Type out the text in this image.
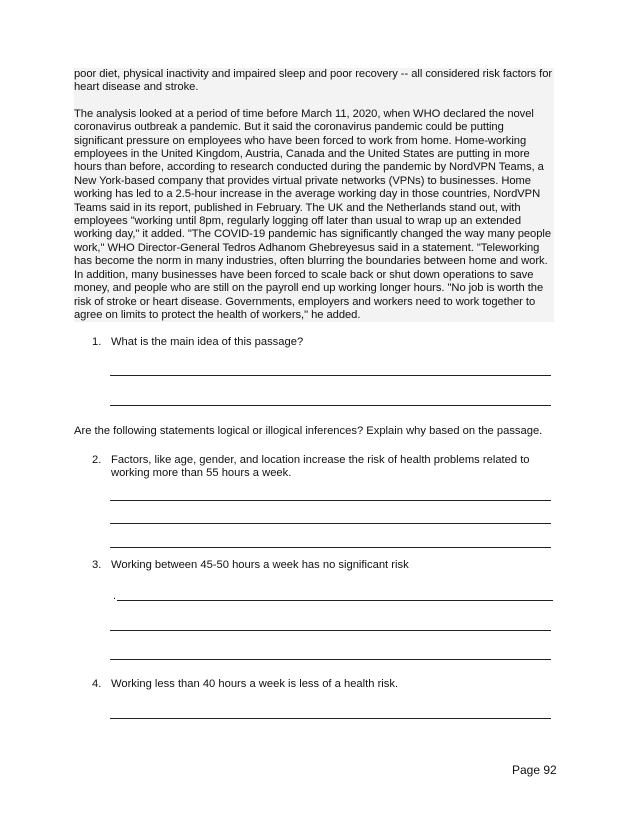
poor diet, physical inactivity and impaired sleep and poor recovery -- all considered risk factors for heart disease and stroke.

The analysis looked at a period of time before March 11, 2020, when WHO declared the novel coronavirus outbreak a pandemic. But it said the coronavirus pandemic could be putting significant pressure on employees who have been forced to work from home. Home-working employees in the United Kingdom, Austria, Canada and the United States are putting in more hours than before, according to research conducted during the pandemic by NordVPN Teams, a New York-based company that provides virtual private networks (VPNs) to businesses. Home working has led to a 2.5-hour increase in the average working day in those countries, NordVPN Teams said in its report, published in February. The UK and the Netherlands stand out, with employees "working until 8pm, regularly logging off later than usual to wrap up an extended working day," it added. "The COVID-19 pandemic has significantly changed the way many people work," WHO Director-General Tedros Adhanom Ghebreyesus said in a statement. "Teleworking has become the norm in many industries, often blurring the boundaries between home and work. In addition, many businesses have been forced to scale back or shut down operations to save money, and people who are still on the payroll end up working longer hours. "No job is worth the risk of stroke or heart disease. Governments, employers and workers need to work together to agree on limits to protect the health of workers," he added.

1. What is the main idea of this passage?
Are the following statements logical or illogical inferences? Explain why based on the passage.
2. Factors, like age, gender, and location increase the risk of health problems related to working more than 55 hours a week.
3. Working between 45-50 hours a week has no significant risk
.
4. Working less than 40 hours a week is less of a health risk.
Page 92
